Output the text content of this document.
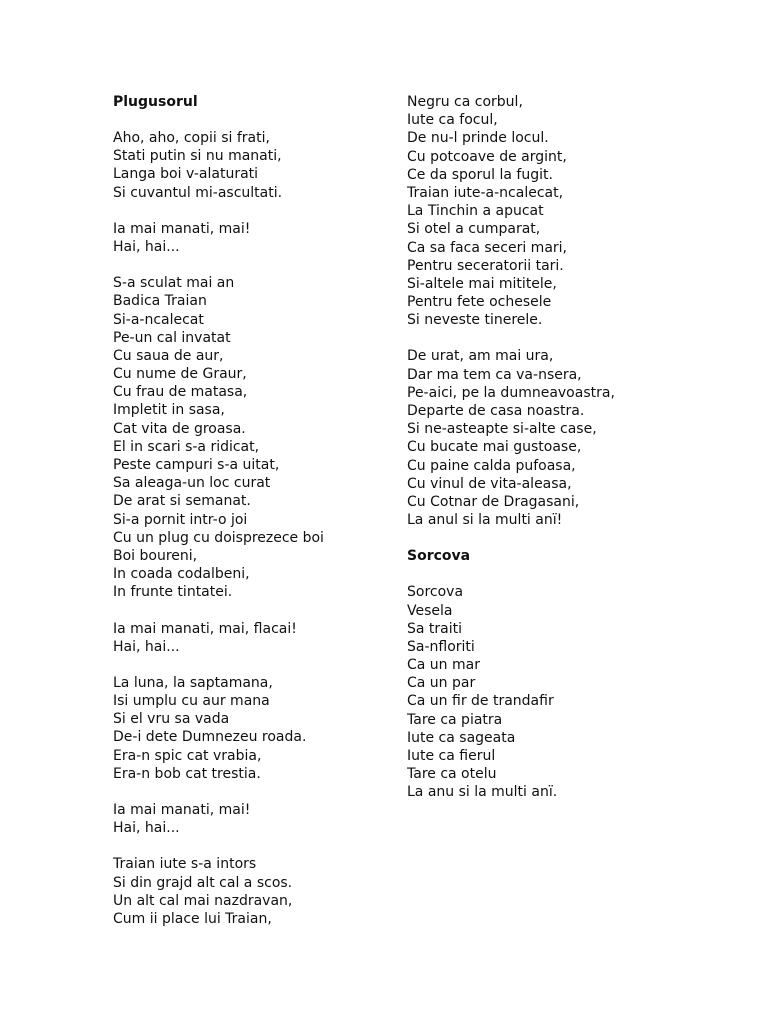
Plugusorul
Aho, aho, copii si frati,
Stati putin si nu manati,
Langa boi v-alaturati
Si cuvantul mi-ascultati.
Ia mai manati, mai!
Hai, hai...
S-a sculat mai an
Badica Traian
Si-a-ncalecat
Pe-un cal invatat
Cu saua de aur,
Cu nume de Graur,
Cu frau de matasa,
Impletit in sasa,
Cat vita de groasa.
El in scari s-a ridicat,
Peste campuri s-a uitat,
Sa aleaga-un loc curat
De arat si semanat.
Si-a pornit intr-o joi
Cu un plug cu doisprezece boi
Boi boureni,
In coada codalbeni,
In frunte tintatei.
Ia mai manati, mai, flacai!
Hai, hai...
La luna, la saptamana,
Isi umplu cu aur mana
Si el vru sa vada
De-i dete Dumnezeu roada.
Era-n spic cat vrabia,
Era-n bob cat trestia.
Ia mai manati, mai!
Hai, hai...
Traian iute s-a intors
Si din grajd alt cal a scos.
Un alt cal mai nazdravan,
Cum ii place lui Traian,
Negru ca corbul,
Iute ca focul,
De nu-l prinde locul.
Cu potcoave de argint,
Ce da sporul la fugit.
Traian iute-a-ncalecat,
La Tinchin a apucat
Si otel a cumparat,
Ca sa faca seceri mari,
Pentru seceratorii tari.
Si-altele mai mititele,
Pentru fete ochesele
Si neveste tinerele.
De urat, am mai ura,
Dar ma tem ca va-nsera,
Pe-aici, pe la dumneavoastra,
Departe de casa noastra.
Si ne-asteapte si-alte case,
Cu bucate mai gustoase,
Cu paine calda pufoasa,
Cu vinul de vita-aleasa,
Cu Cotnar de Dragasani,
La anul si la multi anï!
Sorcova
Sorcova
Vesela
Sa traiti
Sa-nfloriti
Ca un mar
Ca un par
Ca un fir de trandafir
Tare ca piatra
Iute ca sageata
Iute ca fierul
Tare ca otelu
La anu si la multi anï.
